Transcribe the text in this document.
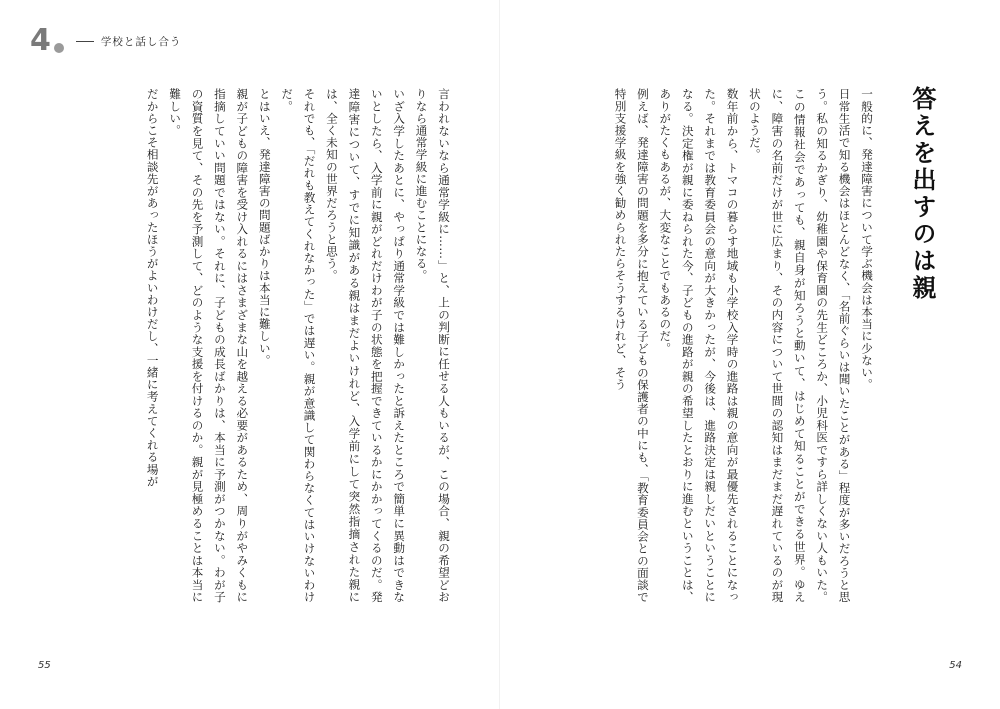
4	学校と話し合う

言われないなら通常学級に……」と、上の判断に任せる人もいるが、この場合、親の希望どおりなら通常学級に進むことになる。

いざ入学したあとに、やっぱり通常学級では難しかったと訴えたところで簡単に異動はできないとしたら、入学前に親がどれだけわが子の状態を把握できているかにかかってくるのだ。発達障害について、すでに知識がある親はまだよいけれど、入学前にして突然指摘された親には、全く未知の世界だろうと思う。

それでも、「だれも教えてくれなかった」では遅い。親が意識して関わらなくてはいけないわけだ。

とはいえ、発達障害の問題ばかりは本当に難しい。

親が子どもの障害を受け入れるにはさまざまな山を越える必要があるため、周りがやみくもに指摘していい問題ではない。それに、子どもの成長ばかりは、本当に予測がつかない。わが子の資質を見て、その先を予測して、どのような支援を付けるのか。親が見極めることは本当に難しい。

だからこそ相談先があったほうがよいわけだし、一緒に考えてくれる場が

55
答えを出すのは親

一般的に、発達障害について学ぶ機会は本当に少ない。

日常生活で知る機会はほとんどなく、「名前ぐらいは聞いたことがある」程度が多いだろうと思う。私の知るかぎり、幼稚園や保育園の先生どころか、小児科医ですら詳しくない人もいた。この情報社会であっても、親自身が知ろうと動いて、はじめて知ることができる世界。ゆえに、障害の名前だけが世に広まり、その内容について世間の認知はまだまだ遅れているのが現状のようだ。

数年前から、トマコの暮らす地域も小学校入学時の進路は親の意向が最優先されることになった。それまでは教育委員会の意向が大きかったが、今後は、進路決定は親しだいということになる。決定権が親に委ねられた今、子どもの進路が親の希望したとおりに進むということは、ありがたくもあるが、大変なことでもあるのだ。

例えば、発達障害の問題を多分に抱えている子どもの保護者の中にも、「教育委員会との面談で特別支援学級を強く勧められたらそうするけれど、そう

54
